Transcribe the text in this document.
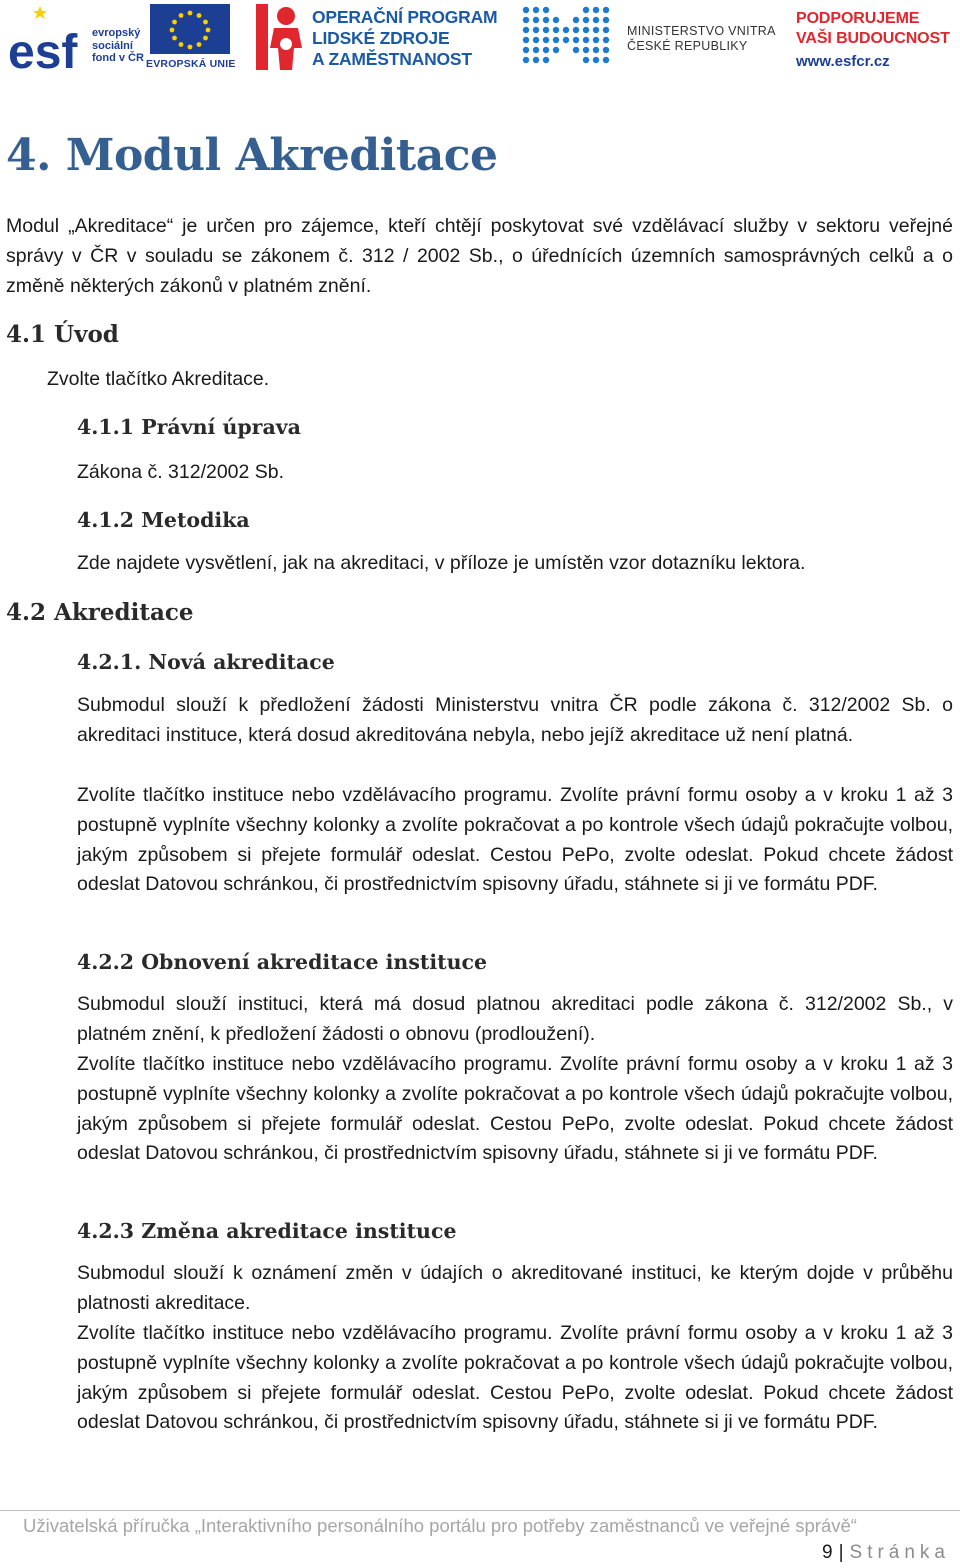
esf evropský
sociální
fond v ČR EVROPSKÁ UNIE
OPERAČNÍ PROGRAM
LIDSKÉ ZDROJE
A ZAMĚSTNANOST
MINISTERSTVO VNITRA
ČESKÉ REPUBLIKY
PODPORUJEME
VAŠI BUDOUCNOST
www.esfcr.cz
4. Modul Akreditace

Modul „Akreditace“ je určen pro zájemce, kteří chtějí poskytovat své vzdělávací služby v sektoru veřejné správy v ČR v souladu se zákonem č. 312 / 2002 Sb., o úřednících územních samosprávných celků a o změně některých zákonů v platném znění.

4.1 Úvod

Zvolte tlačítko Akreditace.

4.1.1 Právní úprava

Zákona č. 312/2002 Sb.

4.1.2 Metodika

Zde najdete vysvětlení, jak na akreditaci, v příloze je umístěn vzor dotazníku lektora.

4.2 Akreditace
4.2.1. Nová akreditace

Submodul slouží k předložení žádosti Ministerstvu vnitra ČR podle zákona č. 312/2002 Sb. o akreditaci instituce, která dosud akreditována nebyla, nebo jejíž akreditace už není platná.

Zvolíte tlačítko instituce nebo vzdělávacího programu. Zvolíte právní formu osoby a v kroku 1 až 3 postupně vyplníte všechny kolonky a zvolíte pokračovat a po kontrole všech údajů pokračujte volbou, jakým způsobem si přejete formulář odeslat. Cestou PePo, zvolte odeslat. Pokud chcete žádost odeslat Datovou schránkou, či prostřednictvím spisovny úřadu, stáhnete si ji ve formátu PDF.

4.2.2 Obnovení akreditace instituce

Submodul slouží instituci, která má dosud platnou akreditaci podle zákona č. 312/2002 Sb., v platném znění, k předložení žádosti o obnovu (prodloužení).

Zvolíte tlačítko instituce nebo vzdělávacího programu. Zvolíte právní formu osoby a v kroku 1 až 3 postupně vyplníte všechny kolonky a zvolíte pokračovat a po kontrole všech údajů pokračujte volbou, jakým způsobem si přejete formulář odeslat. Cestou PePo, zvolte odeslat. Pokud chcete žádost odeslat Datovou schránkou, či prostřednictvím spisovny úřadu, stáhnete si ji ve formátu PDF.

4.2.3 Změna akreditace instituce

Submodul slouží k oznámení změn v údajích o akreditované instituci, ke kterým dojde v průběhu platnosti akreditace.

Zvolíte tlačítko instituce nebo vzdělávacího programu. Zvolíte právní formu osoby a v kroku 1 až 3 postupně vyplníte všechny kolonky a zvolíte pokračovat a po kontrole všech údajů pokračujte volbou, jakým způsobem si přejete formulář odeslat. Cestou PePo, zvolte odeslat. Pokud chcete žádost odeslat Datovou schránkou, či prostřednictvím spisovny úřadu, stáhnete si ji ve formátu PDF.

Uživatelská příručka „Interaktivního personálního portálu pro potřeby zaměstnanců ve veřejné správě“
9 | Stránka
